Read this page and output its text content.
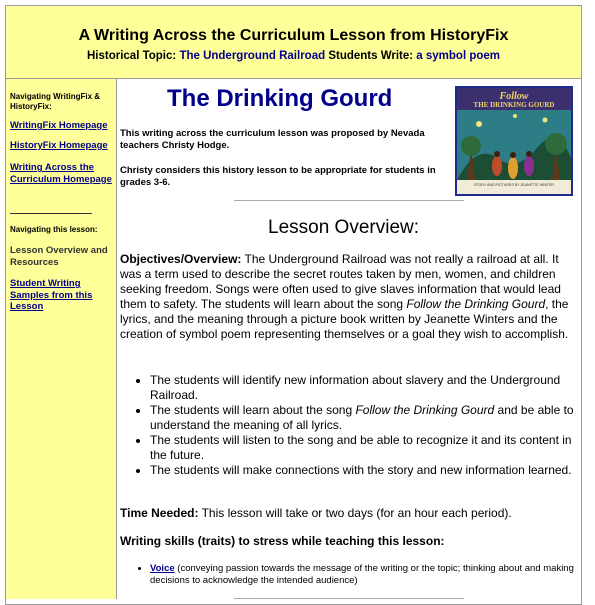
A Writing Across the Curriculum Lesson from HistoryFix
Historical Topic: The Underground Railroad Students Write: a symbol poem
Navigating WritingFix & HistoryFix:
WritingFix Homepage
HistoryFix Homepage
Writing Across the Curriculum Homepage
Navigating this lesson:
Lesson Overview and Resources
Student Writing Samples from this Lesson
The Drinking Gourd	Follow
THE DRINKING GOURD
STORY AND PICTURES BY JEANETTE WINTER
This writing across the curriculum lesson was proposed by Nevada teachers Christy Hodge.
Christy considers this history lesson to be appropriate for students in grades 3-6.
Lesson Overview:
Objectives/Overview: The Underground Railroad was not really a railroad at all. It was a term used to describe the secret routes taken by men, women, and children seeking freedom. Songs were often used to give slaves information that would lead them to safety. The students will learn about the song Follow the Drinking Gourd, the lyrics, and the meaning through a picture book written by Jeanette Winters and the creation of symbol poem representing themselves or a goal they wish to accomplish.
• The students will identify new information about slavery and the Underground Railroad.
• The students will learn about the song Follow the Drinking Gourd and be able to understand the meaning of all lyrics.
• The students will listen to the song and be able to recognize it and its content in the future.
• The students will make connections with the story and new information learned.
Time Needed: This lesson will take or two days (for an hour each period).
Writing skills (traits) to stress while teaching this lesson:
• Voice (conveying passion towards the message of the writing or the topic; thinking about and making decisions to acknowledge the intended audience)
